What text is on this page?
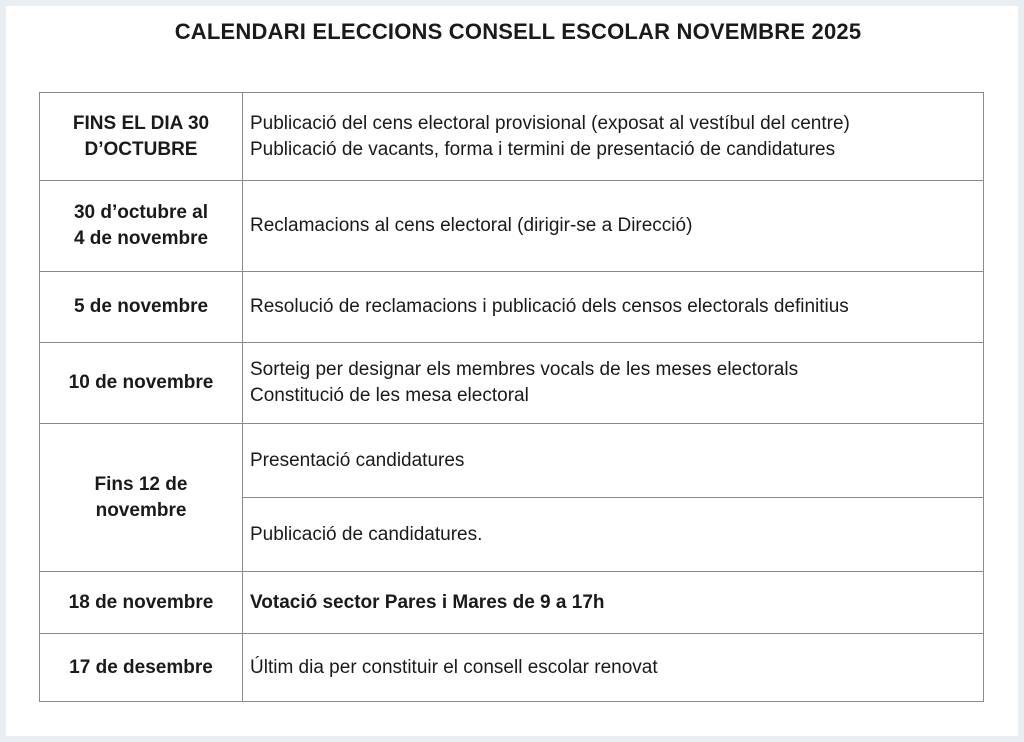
CALENDARI ELECCIONS CONSELL ESCOLAR NOVEMBRE 2025
FINS EL DIA 30
D’OCTUBRE	Publicació del cens electoral provisional (exposat al vestíbul del centre)
Publicació de vacants, forma i termini de presentació de candidatures

30 d’octubre al
4 de novembre	Reclamacions al cens electoral (dirigir-se a Direcció)

5 de novembre	Resolució de reclamacions i publicació dels censos electorals definitius

10 de novembre	Sorteig per designar els membres vocals de les meses electorals
Constitució de les mesa electoral

Fins 12 de
novembre	Presentació candidatures

	Publicació de candidatures.

18 de novembre	Votació sector Pares i Mares de 9 a 17h

17 de desembre	Últim dia per constituir el consell escolar renovat
